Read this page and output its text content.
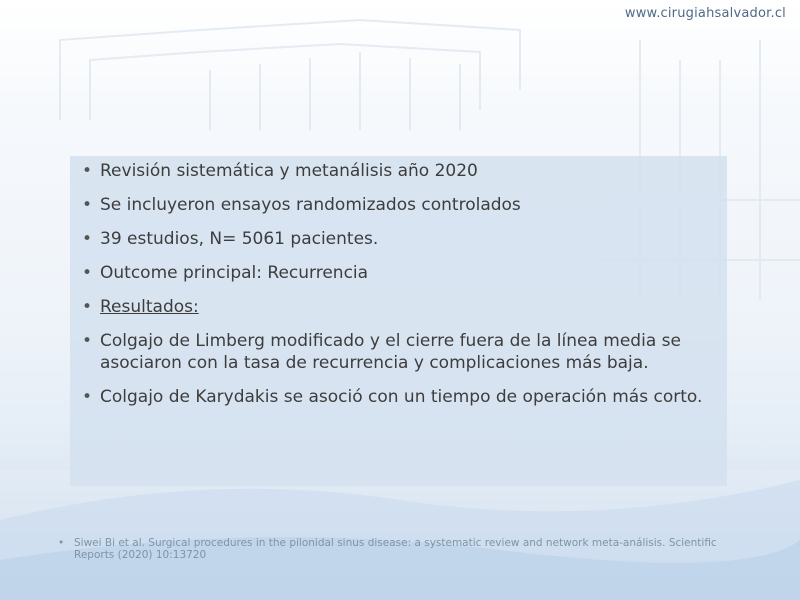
www.cirugiahsalvador.cl
• Revisión sistemática y metanálisis año 2020
• Se incluyeron ensayos randomizados controlados
• 39 estudios, N= 5061 pacientes.
• Outcome principal: Recurrencia
• Resultados:
• Colgajo de Limberg modificado y el cierre fuera de la línea media se asociaron con la tasa de recurrencia y complicaciones más baja.
• Colgajo de Karydakis se asoció con un tiempo de operación más corto.
• Siwei Bi et al. Surgical procedures in the pilonidal sinus disease: a systematic review and network meta-análisis. Scientific Reports (2020) 10:13720
